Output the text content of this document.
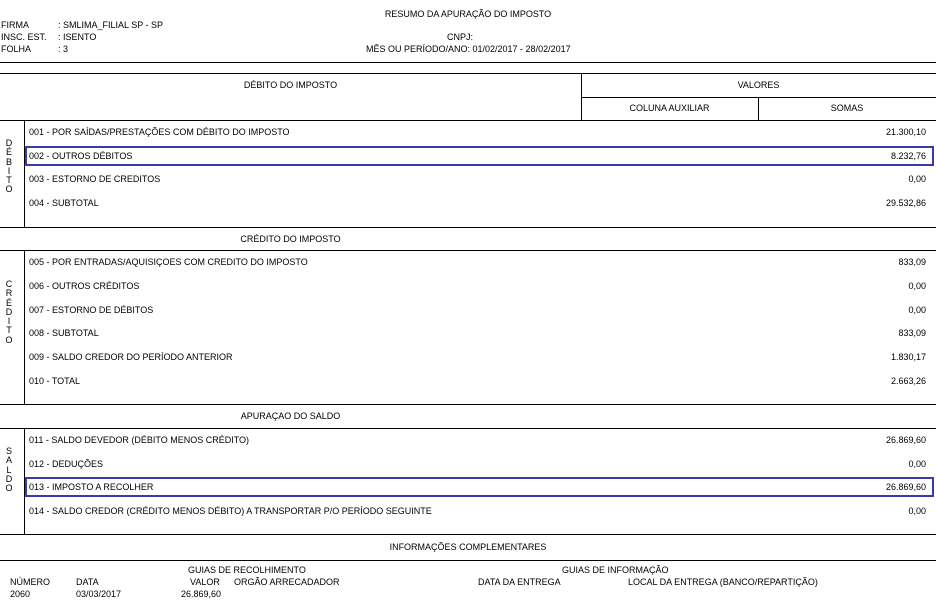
RESUMO DA APURAÇÃO DO IMPOSTO
FIRMA	: SMLIMA_FILIAL SP - SP
INSC. EST. : ISENTO
FOLHA	: 3
CNPJ:
MÊS OU PERÍODO/ANO: 01/02/2017 - 28/02/2017
DÉBITO DO IMPOSTO	VALORES
COLUNA AUXILIAR	SOMAS
D
É
B
I
T
O
001 - POR SAÍDAS/PRESTAÇÕES COM DÉBITO DO IMPOSTO	21.300,10
002 - OUTROS DÉBITOS	8.232,76
003 - ESTORNO DE CREDITOS	0,00
004 - SUBTOTAL	29.532,86
CRÉDITO DO IMPOSTO
C
R
É
D
I
T
O
005 - POR ENTRADAS/AQUISIÇOES COM CREDITO DO IMPOSTO	833,09
006 - OUTROS CRÉDITOS	0,00
007 - ESTORNO DE DÉBITOS	0,00
008 - SUBTOTAL	833,09
009 - SALDO CREDOR DO PERÍODO ANTERIOR	1.830,17
010 - TOTAL	2.663,26
APURAÇAO DO SALDO
S
A
L
D
O
011 - SALDO DEVEDOR (DÉBITO MENOS CRÉDITO)	26.869,60
012 - DEDUÇÕES	0,00
013 - IMPOSTO A RECOLHER	26.869,60
014 - SALDO CREDOR (CRÉDITO MENOS DÉBITO) A TRANSPORTAR P/O PERÍODO SEGUINTE	0,00
INFORMAÇÕES COMPLEMENTARES
GUIAS DE RECOLHIMENTO	GUIAS DE INFORMAÇÃO
NÚMERO	DATA	VALOR ORGÃO ARRECADADOR	DATA DA ENTREGA	LOCAL DA ENTREGA (BANCO/REPARTIÇÃO)
2060	03/03/2017	26.869,60
